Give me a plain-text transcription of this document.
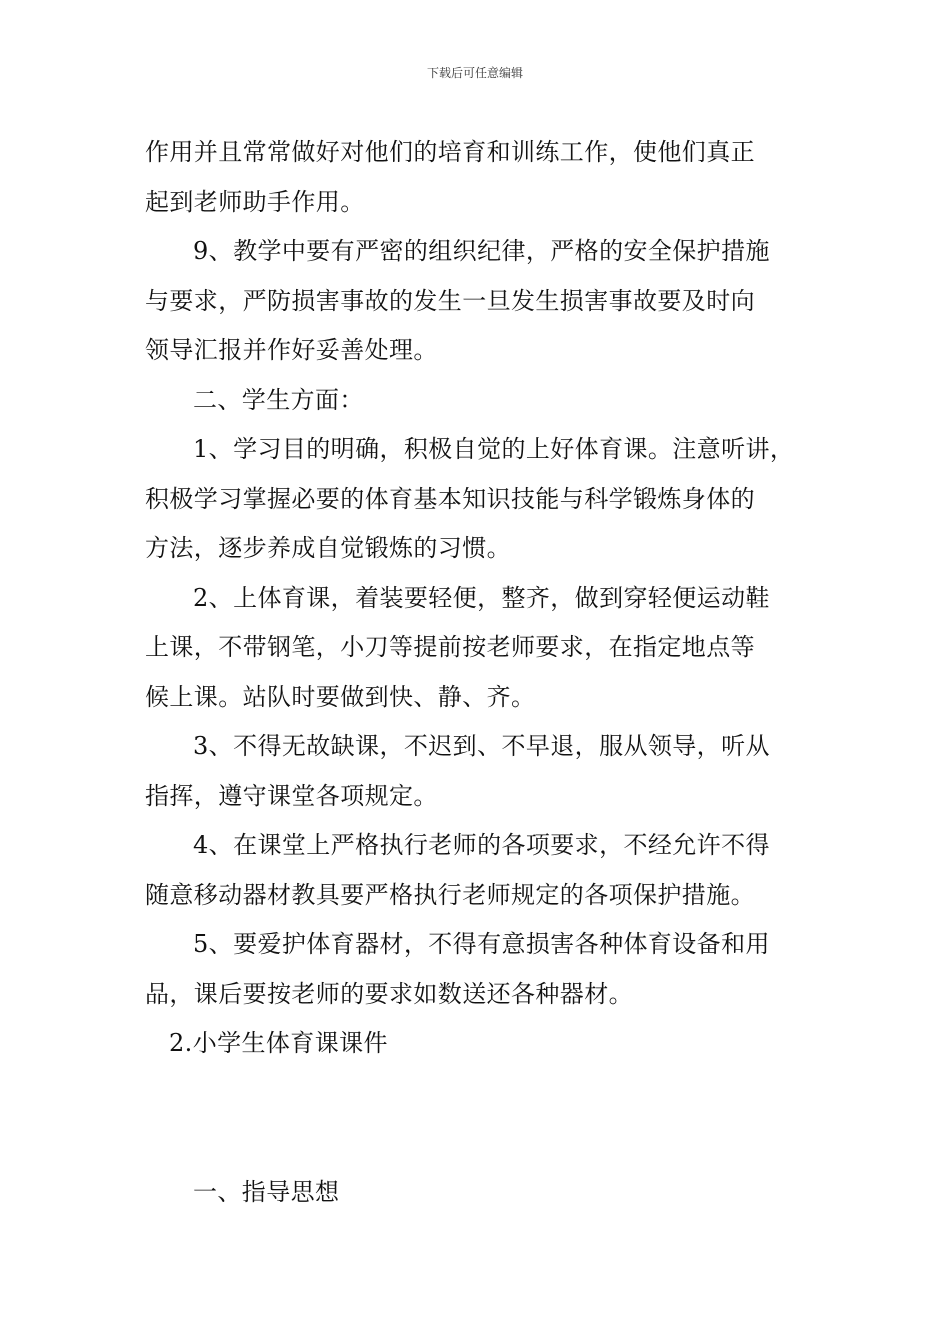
下载后可任意编辑
作用并且常常做好对他们的培育和训练工作，使他们真正
起到老师助手作用。
9、教学中要有严密的组织纪律，严格的安全保护措施
与要求，严防损害事故的发生一旦发生损害事故要及时向
领导汇报并作好妥善处理。
二、学生方面：
1、学习目的明确，积极自觉的上好体育课。注意听讲，
积极学习掌握必要的体育基本知识技能与科学锻炼身体的
方法，逐步养成自觉锻炼的习惯。
2、上体育课，着装要轻便，整齐，做到穿轻便运动鞋
上课，不带钢笔，小刀等提前按老师要求，在指定地点等
候上课。站队时要做到快、静、齐。
3、不得无故缺课，不迟到、不早退，服从领导，听从
指挥，遵守课堂各项规定。
4、在课堂上严格执行老师的各项要求，不经允许不得
随意移动器材教具要严格执行老师规定的各项保护措施。
5、要爱护体育器材，不得有意损害各种体育设备和用
品，课后要按老师的要求如数送还各种器材。
2.小学生体育课课件
一、指导思想
